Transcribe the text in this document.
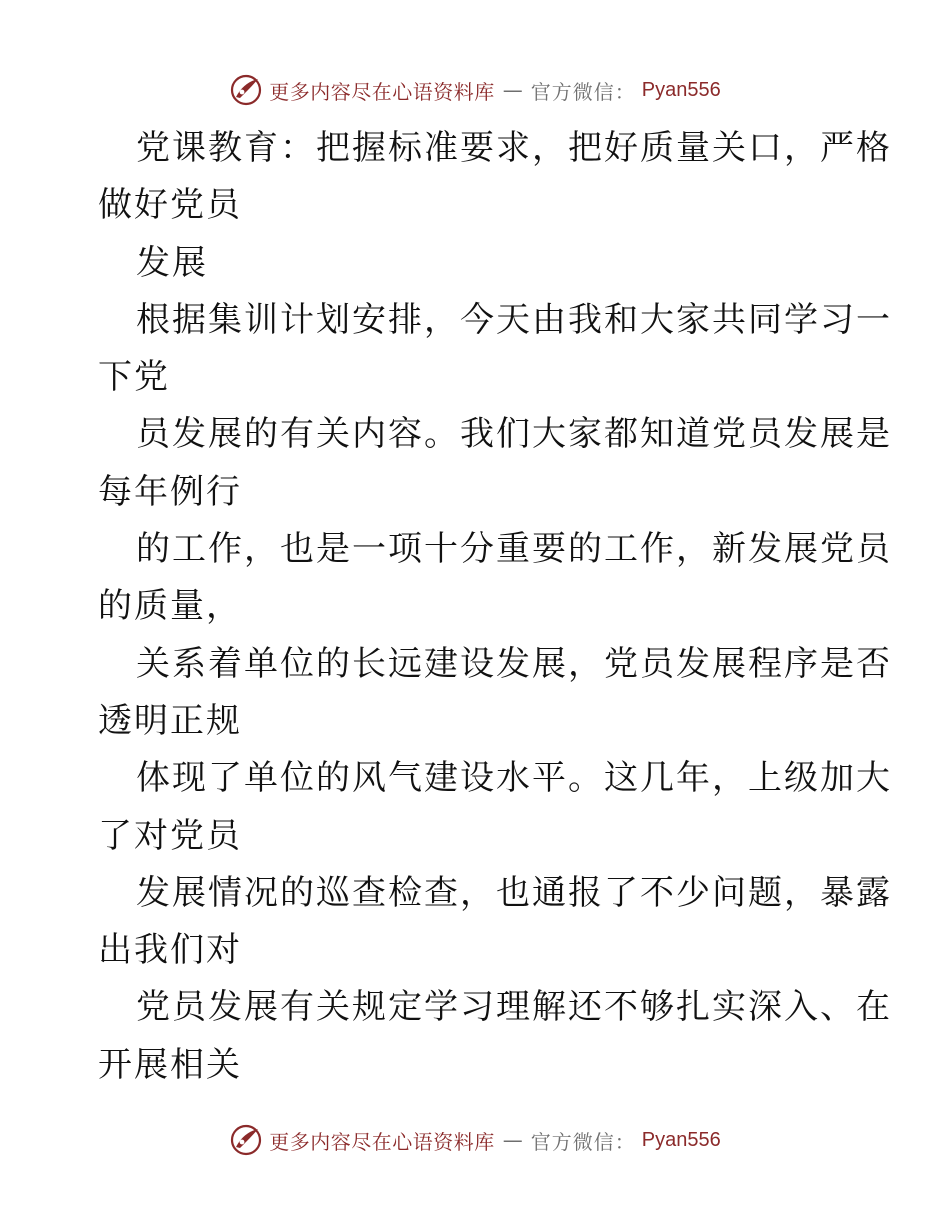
更多内容尽在心语资料库 — 官方微信： Pyan556
党课教育：把握标准要求，把好质量关口，严格
做好党员
发展
根据集训计划安排，今天由我和大家共同学习一
下党
员发展的有关内容。我们大家都知道党员发展是
每年例行
的工作，也是一项十分重要的工作，新发展党员
的质量，
关系着单位的长远建设发展，党员发展程序是否
透明正规
体现了单位的风气建设水平。这几年，上级加大
了对党员
发展情况的巡查检查，也通报了不少问题，暴露
出我们对
党员发展有关规定学习理解还不够扎实深入、在
开展相关
更多内容尽在心语资料库 — 官方微信： Pyan556
